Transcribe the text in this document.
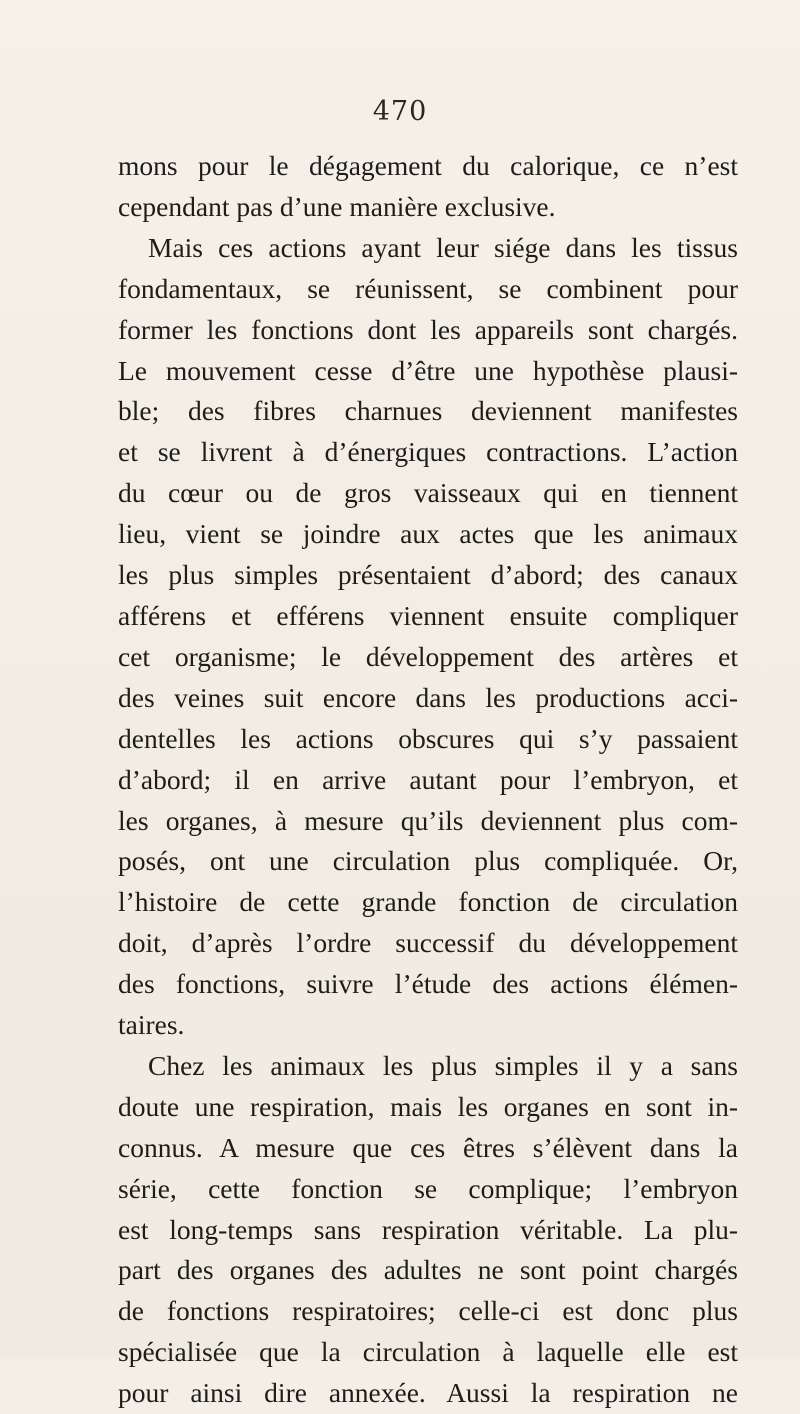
470
mons pour le dégagement du calorique, ce n’est
cependant pas d’une manière exclusive.
Mais ces actions ayant leur siége dans les tissus
fondamentaux, se réunissent, se combinent pour
former les fonctions dont les appareils sont chargés.
Le mouvement cesse d’être une hypothèse plausi-
ble; des fibres charnues deviennent manifestes
et se livrent à d’énergiques contractions. L’action
du cœur ou de gros vaisseaux qui en tiennent
lieu, vient se joindre aux actes que les animaux
les plus simples présentaient d’abord; des canaux
afférens et efférens viennent ensuite compliquer
cet organisme; le développement des artères et
des veines suit encore dans les productions acci-
dentelles les actions obscures qui s’y passaient
d’abord; il en arrive autant pour l’embryon, et
les organes, à mesure qu’ils deviennent plus com-
posés, ont une circulation plus compliquée. Or,
l’histoire de cette grande fonction de circulation
doit, d’après l’ordre successif du développement
des fonctions, suivre l’étude des actions élémen-
taires.
Chez les animaux les plus simples il y a sans
doute une respiration, mais les organes en sont in-
connus. A mesure que ces êtres s’élèvent dans la
série, cette fonction se complique; l’embryon
est long-temps sans respiration véritable. La plu-
part des organes des adultes ne sont point chargés
de fonctions respiratoires; celle-ci est donc plus
spécialisée que la circulation à laquelle elle est
pour ainsi dire annexée. Aussi la respiration ne
